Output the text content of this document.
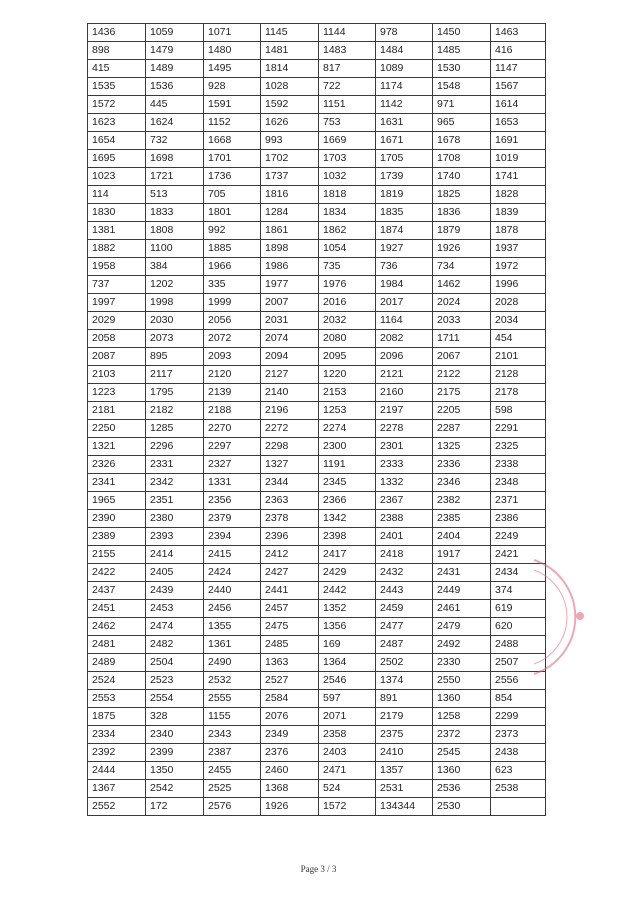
1436	1059	1071	1145	1144	978	1450	1463
898	1479	1480	1481	1483	1484	1485	416
415	1489	1495	1814	817	1089	1530	1147
1535	1536	928	1028	722	1174	1548	1567
1572	445	1591	1592	1151	1142	971	1614
1623	1624	1152	1626	753	1631	965	1653
1654	732	1668	993	1669	1671	1678	1691
1695	1698	1701	1702	1703	1705	1708	1019
1023	1721	1736	1737	1032	1739	1740	1741
114	513	705	1816	1818	1819	1825	1828
1830	1833	1801	1284	1834	1835	1836	1839
1381	1808	992	1861	1862	1874	1879	1878
1882	1100	1885	1898	1054	1927	1926	1937
1958	384	1966	1986	735	736	734	1972
737	1202	335	1977	1976	1984	1462	1996
1997	1998	1999	2007	2016	2017	2024	2028
2029	2030	2056	2031	2032	1164	2033	2034
2058	2073	2072	2074	2080	2082	1711	454
2087	895	2093	2094	2095	2096	2067	2101
2103	2117	2120	2127	1220	2121	2122	2128
1223	1795	2139	2140	2153	2160	2175	2178
2181	2182	2188	2196	1253	2197	2205	598
2250	1285	2270	2272	2274	2278	2287	2291
1321	2296	2297	2298	2300	2301	1325	2325
2326	2331	2327	1327	1191	2333	2336	2338
2341	2342	1331	2344	2345	1332	2346	2348
1965	2351	2356	2363	2366	2367	2382	2371
2390	2380	2379	2378	1342	2388	2385	2386
2389	2393	2394	2396	2398	2401	2404	2249
2155	2414	2415	2412	2417	2418	1917	2421
2422	2405	2424	2427	2429	2432	2431	2434
2437	2439	2440	2441	2442	2443	2449	374
2451	2453	2456	2457	1352	2459	2461	619
2462	2474	1355	2475	1356	2477	2479	620
2481	2482	1361	2485	169	2487	2492	2488
2489	2504	2490	1363	1364	2502	2330	2507
2524	2523	2532	2527	2546	1374	2550	2556
2553	2554	2555	2584	597	891	1360	854
1875	328	1155	2076	2071	2179	1258	2299
2334	2340	2343	2349	2358	2375	2372	2373
2392	2399	2387	2376	2403	2410	2545	2438
2444	1350	2455	2460	2471	1357	1360	623
1367	2542	2525	1368	524	2531	2536	2538
2552	172	2576	1926	1572	134344	2530	
Page 3 / 3
